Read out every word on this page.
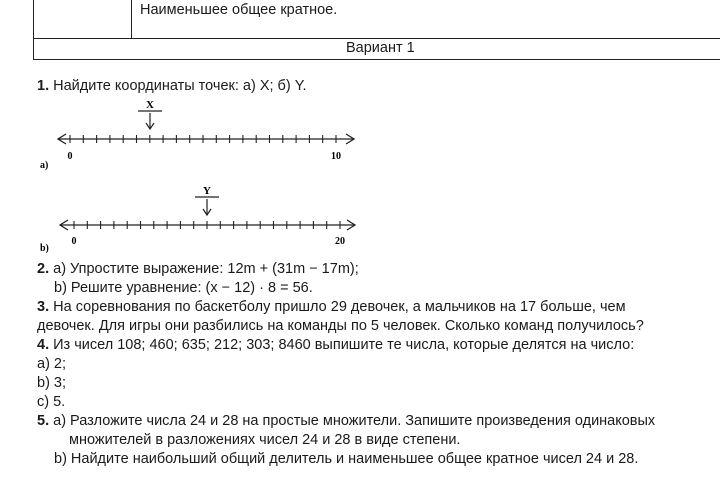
Наименьшее общее кратное.
Вариант 1
1. Найдите координаты точек: а) X; б) Y.
X
0	10
a)
Y
0	20
b)
2. а) Упростите выражение: 12m + (31m − 17m);
b) Решите уравнение: (x − 12) · 8 = 56.
3. На соревнования по баскетболу пришло 29 девочек, а мальчиков на 17 больше, чем
девочек. Для игры они разбились на команды по 5 человек. Сколько команд получилось?
4. Из чисел 108; 460; 635; 212; 303; 8460 выпишите те числа, которые делятся на число:
а) 2;
b) 3;
c) 5.
5. а) Разложите числа 24 и 28 на простые множители. Запишите произведения одинаковых
множителей в разложениях чисел 24 и 28 в виде степени.
b) Найдите наибольший общий делитель и наименьшее общее кратное чисел 24 и 28.
